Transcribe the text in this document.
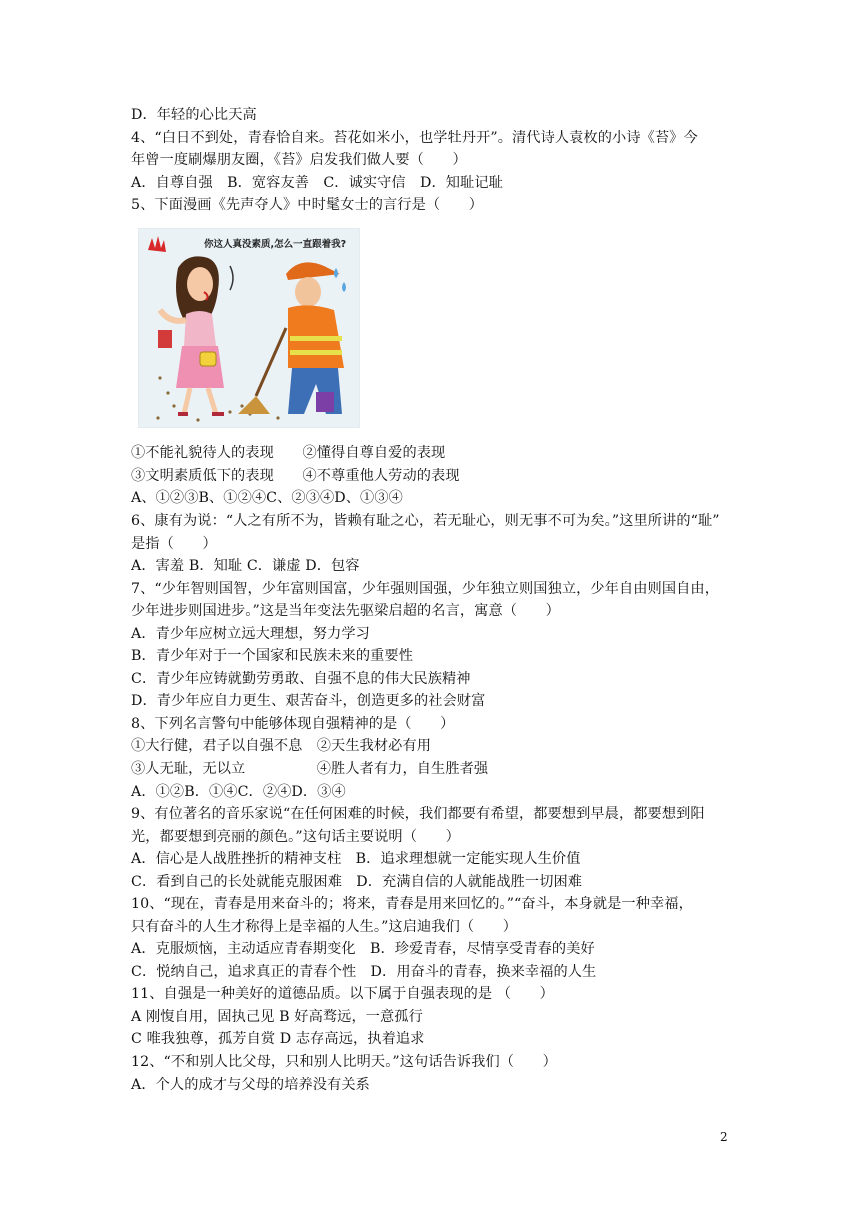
D．年轻的心比天高
4、“白日不到处，青春恰自来。苔花如米小，也学牡丹开”。清代诗人袁枚的小诗《苔》今
年曾一度刷爆朋友圈，《苔》启发我们做人要（　　）
A．自尊自强　B．宽容友善　C．诚实守信　D．知耻记耻
5、下面漫画《先声夺人》中时髦女士的言行是（　　）
你这人真没素质,怎么一直跟着我?
①不能礼貌待人的表现　　②懂得自尊自爱的表现
③文明素质低下的表现　　④不尊重他人劳动的表现
A、①②③B、①②④C、②③④D、①③④
6、康有为说：“人之有所不为，皆赖有耻之心，若无耻心，则无事不可为矣。”这里所讲的“耻”
是指（　　）
A．害羞 B．知耻 C．谦虚 D．包容
7、“少年智则国智，少年富则国富，少年强则国强，少年独立则国独立，少年自由则国自由，
少年进步则国进步。”这是当年变法先驱梁启超的名言，寓意（　　）
A．青少年应树立远大理想，努力学习
B．青少年对于一个国家和民族未来的重要性
C．青少年应铸就勤劳勇敢、自强不息的伟大民族精神
D．青少年应自力更生、艰苦奋斗，创造更多的社会财富
8、下列名言警句中能够体现自强精神的是（　　）
①大行健，君子以自强不息　②天生我材必有用
③人无耻，无以立　　　　　④胜人者有力，自生胜者强
A．①②B．①④C．②④D．③④
9、有位著名的音乐家说“在任何困难的时候，我们都要有希望，都要想到早晨，都要想到阳
光，都要想到亮丽的颜色。”这句话主要说明（　　）
A．信心是人战胜挫折的精神支柱　B．追求理想就一定能实现人生价值
C．看到自己的长处就能克服困难　D．充满自信的人就能战胜一切困难
10、“现在，青春是用来奋斗的；将来，青春是用来回忆的。”“奋斗，本身就是一种幸福，
只有奋斗的人生才称得上是幸福的人生。”这启迪我们（　　）
A．克服烦恼，主动适应青春期变化　B．珍爱青春，尽情享受青春的美好
C．悦纳自己，追求真正的青春个性　D．用奋斗的青春，换来幸福的人生
11、自强是一种美好的道德品质。以下属于自强表现的是 （　　）
A 刚愎自用，固执己见 B 好高骛远，一意孤行
C 唯我独尊，孤芳自赏 D 志存高远，执着追求
12、“不和别人比父母，只和别人比明天。”这句话告诉我们（　　）
A．个人的成才与父母的培养没有关系
2
